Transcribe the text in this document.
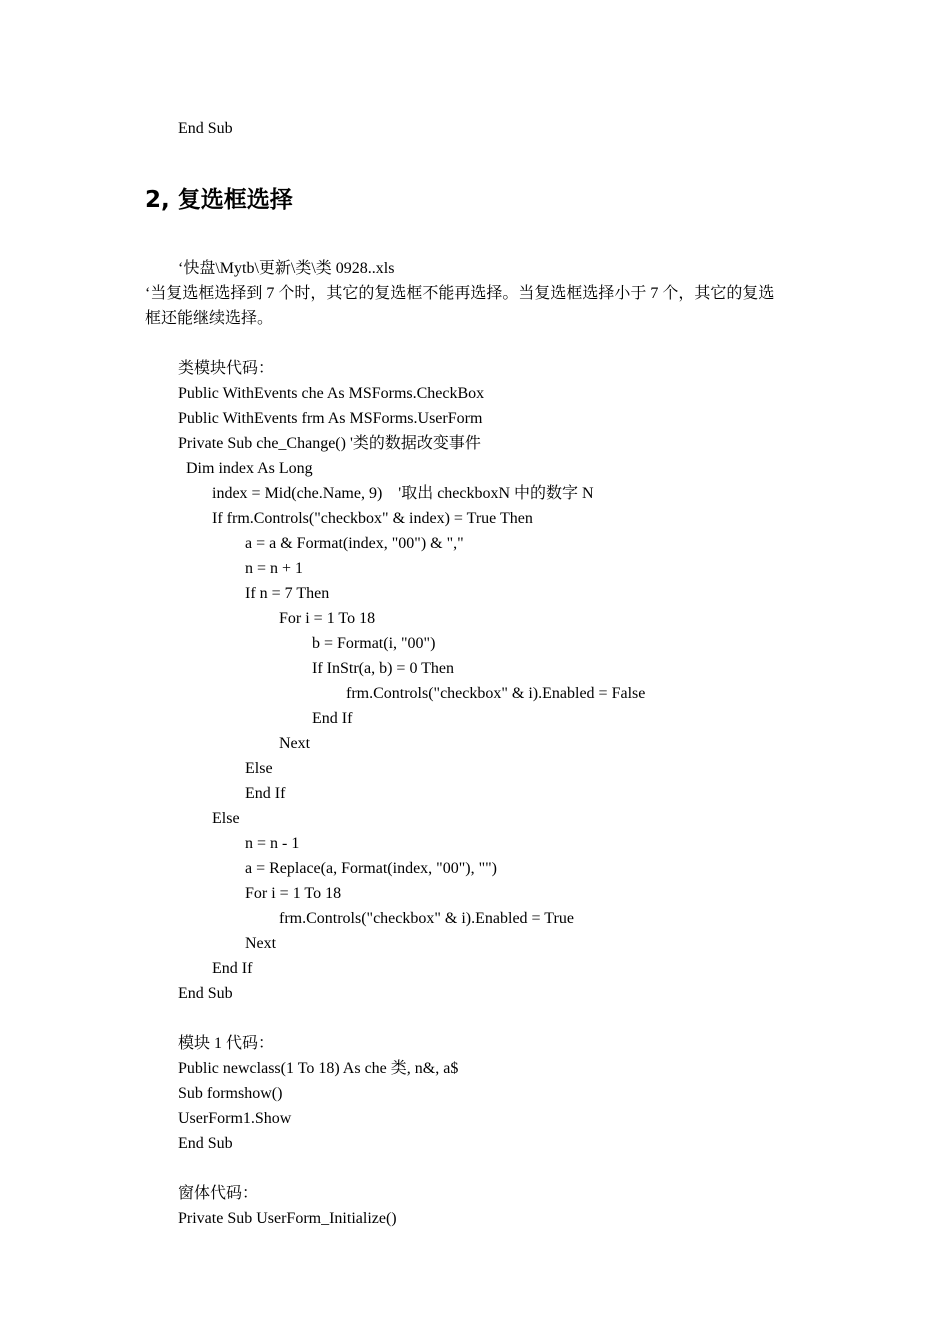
End Sub
2, 复选框选择
‘快盘\Mytb\更新\类\类 0928..xls
‘当复选框选择到 7 个时，其它的复选框不能再选择。当复选框选择小于 7 个，其它的复选
框还能继续选择。
类模块代码：
Public WithEvents che As MSForms.CheckBox
Public WithEvents frm As MSForms.UserForm
Private Sub che_Change() '类的数据改变事件
Dim index As Long
index = Mid(che.Name, 9)    '取出 checkboxN 中的数字 N
If frm.Controls("checkbox" & index) = True Then
a = a & Format(index, "00") & ","
n = n + 1
If n = 7 Then
For i = 1 To 18
b = Format(i, "00")
If InStr(a, b) = 0 Then
frm.Controls("checkbox" & i).Enabled = False
End If
Next
Else
End If
Else
n = n - 1
a = Replace(a, Format(index, "00"), "")
For i = 1 To 18
frm.Controls("checkbox" & i).Enabled = True
Next
End If
End Sub
模块 1 代码：
Public newclass(1 To 18) As che 类, n&, a$
Sub formshow()
UserForm1.Show
End Sub
窗体代码：
Private Sub UserForm_Initialize()
